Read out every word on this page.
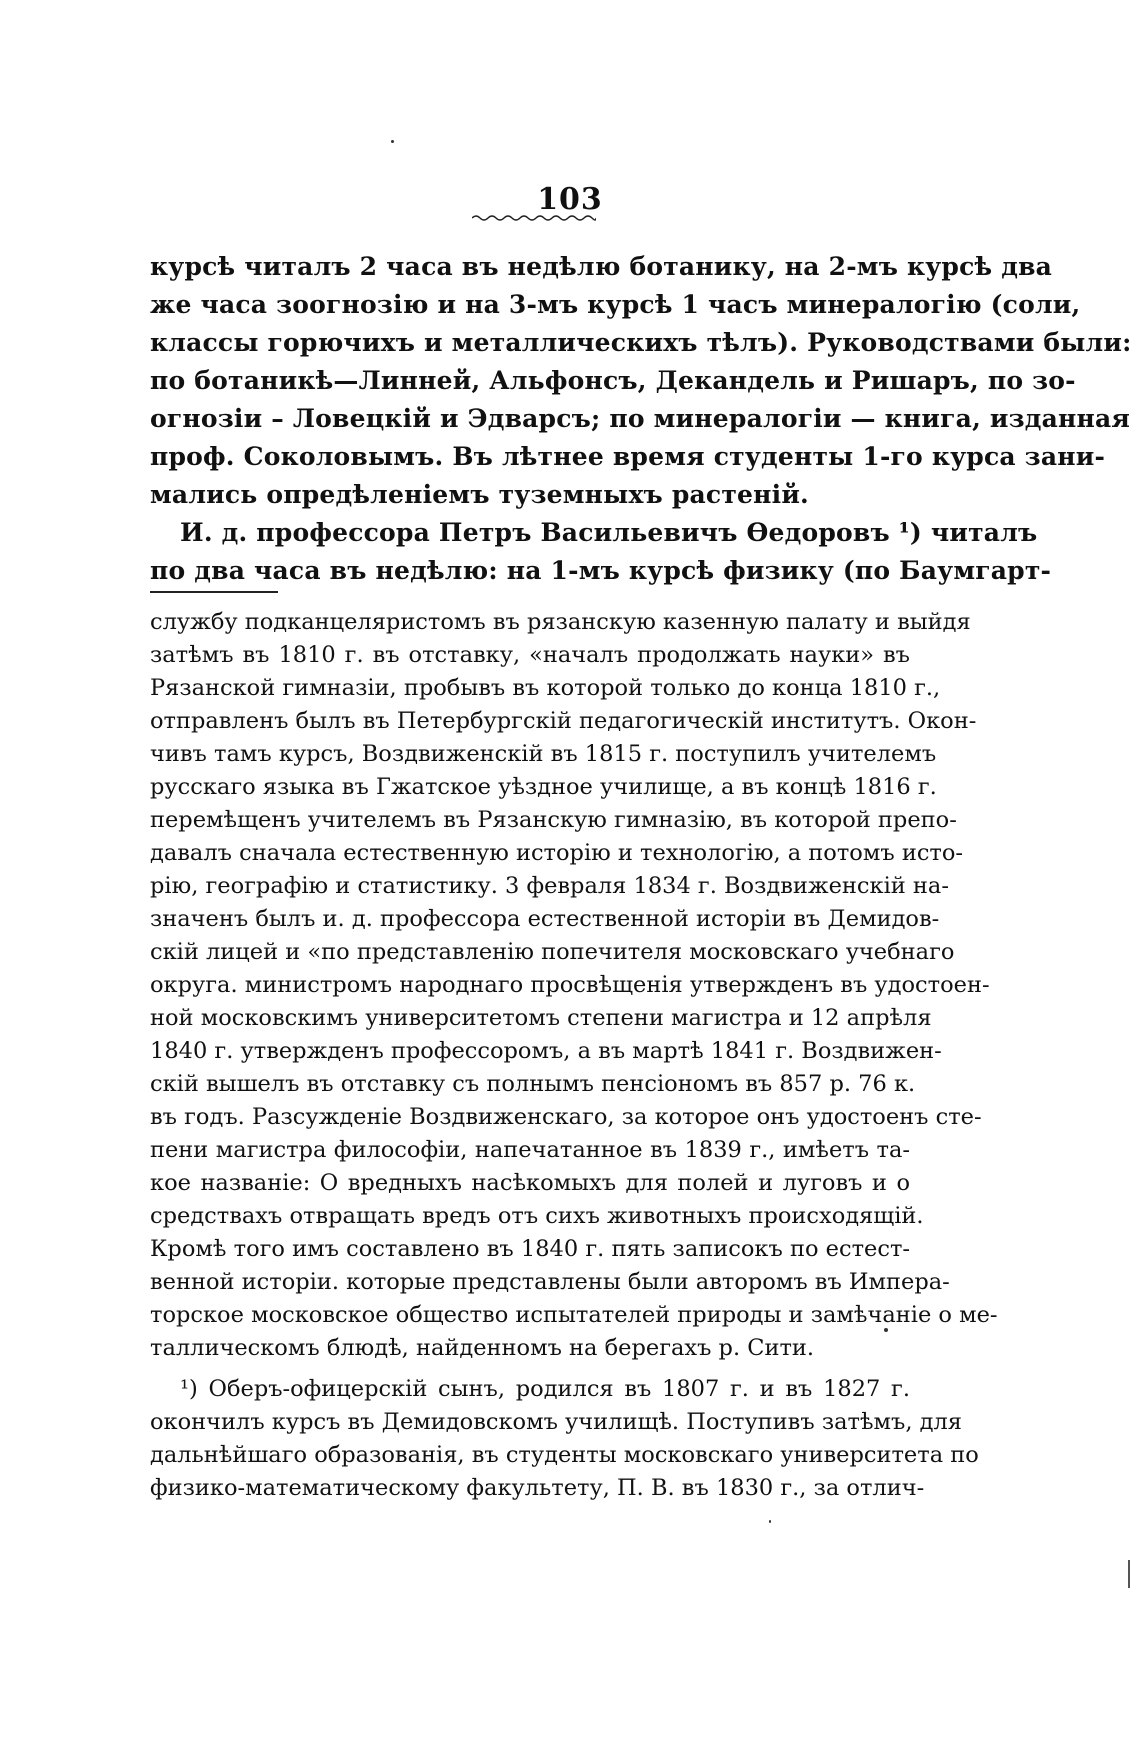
103
курсѣ читалъ 2 часа въ недѣлю ботанику, на 2-мъ курсѣ два
же часа зоогнозію и на 3-мъ курсѣ 1 часъ минералогію (соли,
классы горючихъ и металлическихъ тѣлъ). Руководствами были:
по ботаникѣ—Линней, Альфонсъ, Декандель и Ришаръ, по зо-
огнозіи – Ловецкій и Эдварсъ; по минералогіи — книга, изданная
проф. Соколовымъ. Въ лѣтнее время студенты 1-го курса зани-
мались опредѣленіемъ туземныхъ растеній.
И. д. профессора Петръ Васильевичъ Ѳедоровъ ¹) читалъ
по два часа въ недѣлю: на 1-мъ курсѣ физику (по Баумгарт-
службу подканцеляристомъ въ рязанскую казенную палату и выйдя
затѣмъ въ 1810 г. въ отставку, «началъ продолжать науки» въ
Рязанской гимназіи, пробывъ въ которой только до конца 1810 г.,
отправленъ былъ въ Петербургскій педагогическій институтъ. Окон-
чивъ тамъ курсъ, Воздвиженскій въ 1815 г. поступилъ учителемъ
русскаго языка въ Гжатское уѣздное училище, а въ концѣ 1816 г.
перемѣщенъ учителемъ въ Рязанскую гимназію, въ которой препо-
давалъ сначала естественную исторію и технологію, а потомъ исто-
рію, географію и статистику. 3 февраля 1834 г. Воздвиженскій на-
значенъ былъ и. д. профессора естественной исторіи въ Демидов-
скій лицей и «по представленію попечителя московскаго учебнаго
округа. министромъ народнаго просвѣщенія утвержденъ въ удостоен-
ной московскимъ университетомъ степени магистра и 12 апрѣля
1840 г. утвержденъ профессоромъ, а въ мартѣ 1841 г. Воздвижен-
скій вышелъ въ отставку съ полнымъ пенсіономъ въ 857 р. 76 к.
въ годъ. Разсужденіе Воздвиженскаго, за которое онъ удостоенъ сте-
пени магистра философіи, напечатанное въ 1839 г., имѣетъ та-
кое названіе: О вредныхъ насѣкомыхъ для полей и луговъ и о
средствахъ отвращать вредъ отъ сихъ животныхъ происходящій.
Кромѣ того имъ составлено въ 1840 г. пять записокъ по естест-
венной исторіи. которые представлены были авторомъ въ Импера-
торское московское общество испытателей природы и замѣчаніе о ме-
таллическомъ блюдѣ, найденномъ на берегахъ р. Сити.
¹) Оберъ-офицерскій сынъ, родился въ 1807 г. и въ 1827 г.
окончилъ курсъ въ Демидовскомъ училищѣ. Поступивъ затѣмъ, для
дальнѣйшаго образованія, въ студенты московскаго университета по
физико-математическому факультету, П. В. въ 1830 г., за отлич-
